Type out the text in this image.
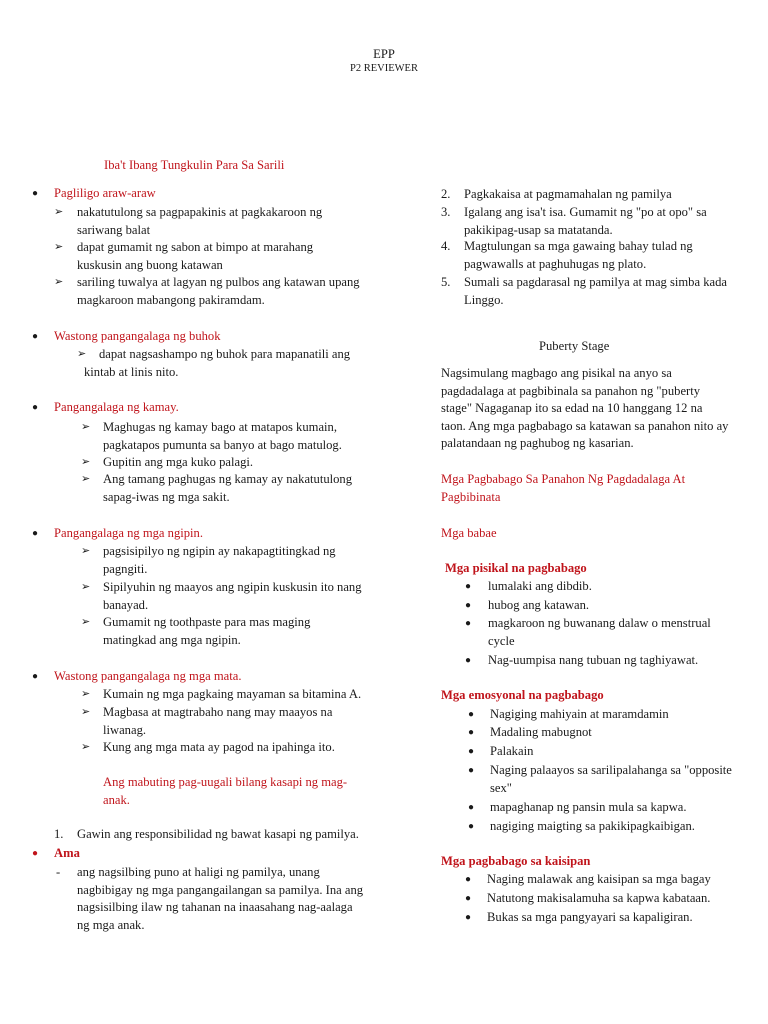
EPP
P2 REVIEWER
Iba't Ibang Tungkulin Para Sa Sarili
● Pagliligo araw-araw
➢ nakatutulong sa pagpapakinis at pagkakaroon ng
sariwang balat
➢ dapat gumamit ng sabon at bimpo at marahang
kuskusin ang buong katawan
➢ sariling tuwalya at lagyan ng pulbos ang katawan upang
magkaroon mabangong pakiramdam.
● Wastong pangangalaga ng buhok
➢ dapat nagsashampo ng buhok para mapanatili ang
kintab at linis nito.
● Pangangalaga ng kamay.
➢ Maghugas ng kamay bago at matapos kumain,
pagkatapos pumunta sa banyo at bago matulog.
➢ Gupitin ang mga kuko palagi.
➢ Ang tamang paghugas ng kamay ay nakatutulong
sapag-iwas ng mga sakit.
● Pangangalaga ng mga ngipin.
➢ pagsisipilyo ng ngipin ay nakapagtitingkad ng
pagngiti.
➢ Sipilyuhin ng maayos ang ngipin kuskusin ito nang
banayad.
➢ Gumamit ng toothpaste para mas maging
matingkad ang mga ngipin.
● Wastong pangangalaga ng mga mata.
➢ Kumain ng mga pagkaing mayaman sa bitamina A.
➢ Magbasa at magtrabaho nang may maayos na
liwanag.
➢ Kung ang mga mata ay pagod na ipahinga ito.
Ang mabuting pag-uugali bilang kasapi ng mag-
anak.
1. Gawin ang responsibilidad ng bawat kasapi ng pamilya.
● Ama
- ang nagsilbing puno at haligi ng pamilya, unang
nagbibigay ng mga pangangailangan sa pamilya. Ina ang
nagsisilbing ilaw ng tahanan na inaasahang nag-aalaga
ng mga anak.
2. Pagkakaisa at pagmamahalan ng pamilya
3. Igalang ang isa't isa. Gumamit ng "po at opo" sa
pakikipag-usap sa matatanda.
4. Magtulungan sa mga gawaing bahay tulad ng
pagwawalls at paghuhugas ng plato.
5. Sumali sa pagdarasal ng pamilya at mag simba kada
Linggo.
Puberty Stage
Nagsimulang magbago ang pisikal na anyo sa
pagdadalaga at pagbibinala sa panahon ng "puberty
stage" Nagaganap ito sa edad na 10 hanggang 12 na
taon. Ang mga pagbabago sa katawan sa panahon nito ay
palatandaan ng paghubog ng kasarian.
Mga Pagbabago Sa Panahon Ng Pagdadalaga At
Pagbibinata
Mga babae
Mga pisikal na pagbabago
● lumalaki ang dibdib.
● hubog ang katawan.
● magkaroon ng buwanang dalaw o menstrual
cycle
● Nag-uumpisa nang tubuan ng taghiyawat.
Mga emosyonal na pagbabago
● Nagiging mahiyain at maramdamin
● Madaling mabugnot
● Palakain
● Naging palaayos sa sarilipalahanga sa "opposite
sex"
● mapaghanap ng pansin mula sa kapwa.
● nagiging maigting sa pakikipagkaibigan.
Mga pagbabago sa kaisipan
● Naging malawak ang kaisipan sa mga bagay
● Natutong makisalamuha sa kapwa kabataan.
● Bukas sa mga pangyayari sa kapaligiran.
